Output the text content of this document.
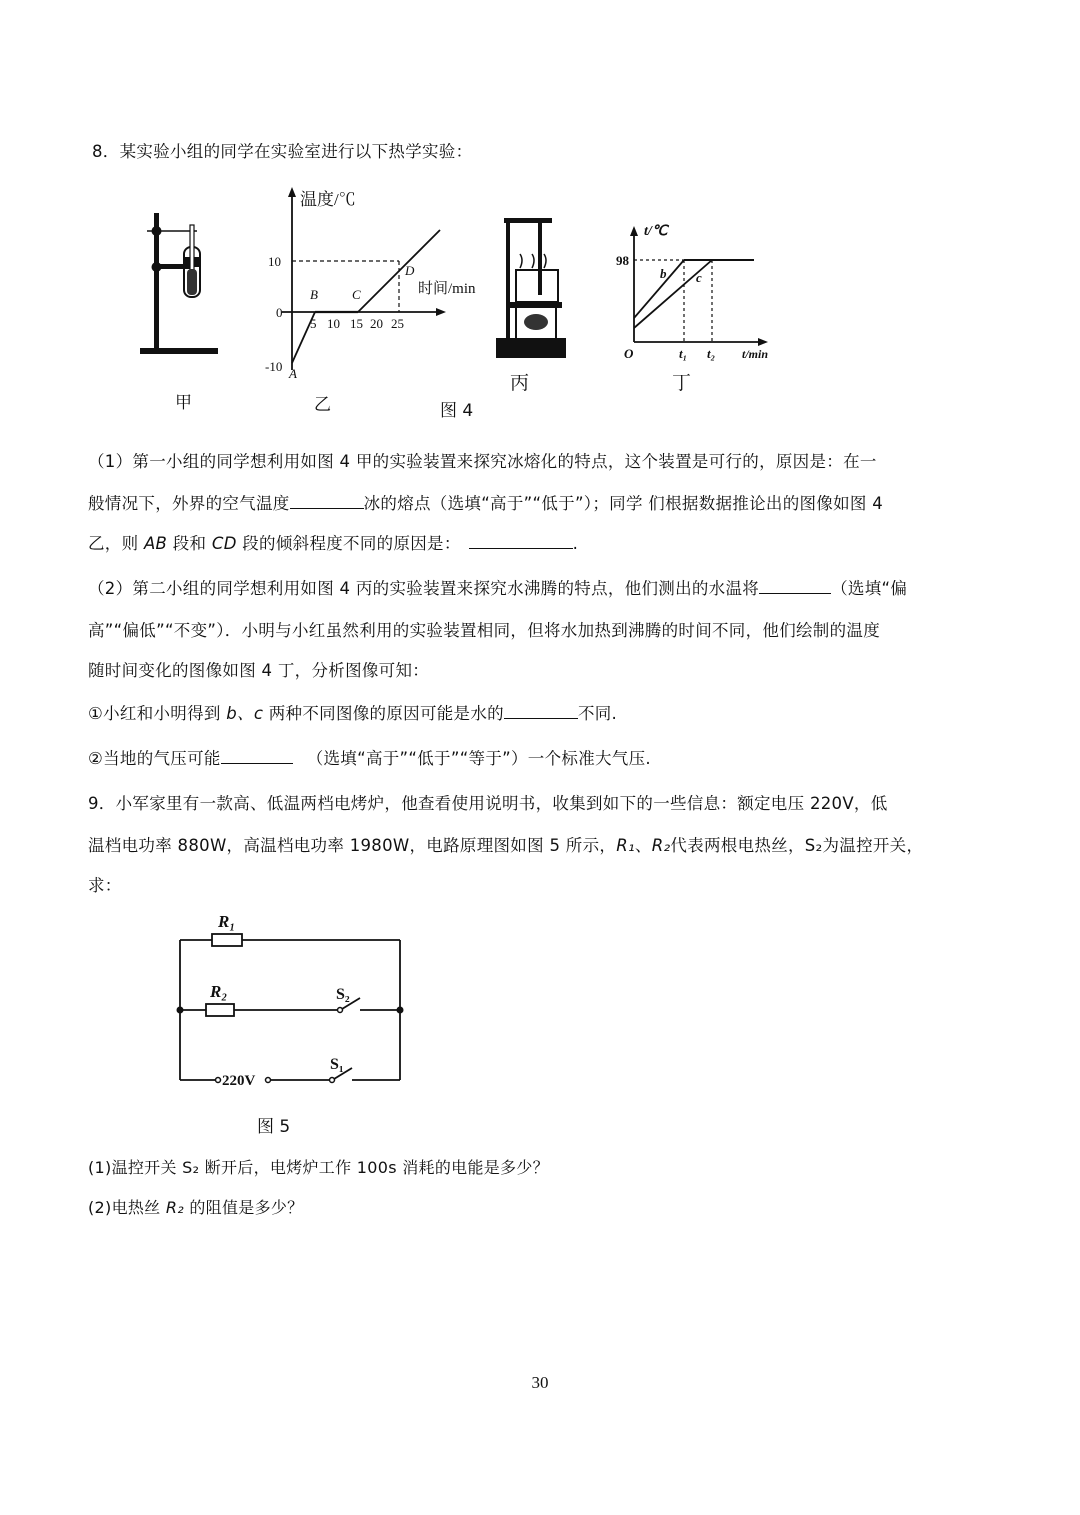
8．某实验小组的同学在实验室进行以下热学实验：
甲
温度/℃
时间/min
10
0
-10
5 10 15 20 25
A
B	C
D
乙	图 4
丙
t/℃
98
O	t₁ t₂ t/min
b c
丁
（1）第一小组的同学想利用如图 4 甲的实验装置来探究冰熔化的特点，这个装置是可行的，原因是：在一
般情况下，外界的空气温度	冰的熔点（选填“高于”“低于”）；同学 们根据数据推论出的图像如图 4
乙，则 AB 段和 CD 段的倾斜程度不同的原因是：	.
（2）第二小组的同学想利用如图 4 丙的实验装置来探究水沸腾的特点，他们测出的水温将	（选填“偏
高”“偏低”“不变”）．小明与小红虽然利用的实验装置相同，但将水加热到沸腾的时间不同，他们绘制的温度
随时间变化的图像如图 4 丁，分析图像可知：
①小红和小明得到 b、c 两种不同图像的原因可能是水的	不同.
②当地的气压可能	（选填“高于”“低于”“等于”）一个标准大气压.
9．小军家里有一款高、低温两档电烤炉，他查看使用说明书，收集到如下的一些信息：额定电压 220V，低
温档电功率 880W，高温档电功率 1980W，电路原理图如图 5 所示，R₁、R₂代表两根电热丝，S₂为温控开关，
求：
R₁
R₂	S₂
220V
S₁
图 5
(1)温控开关 S₂ 断开后，电烤炉工作 100s 消耗的电能是多少？
(2)电热丝 R₂ 的阻值是多少？
30
